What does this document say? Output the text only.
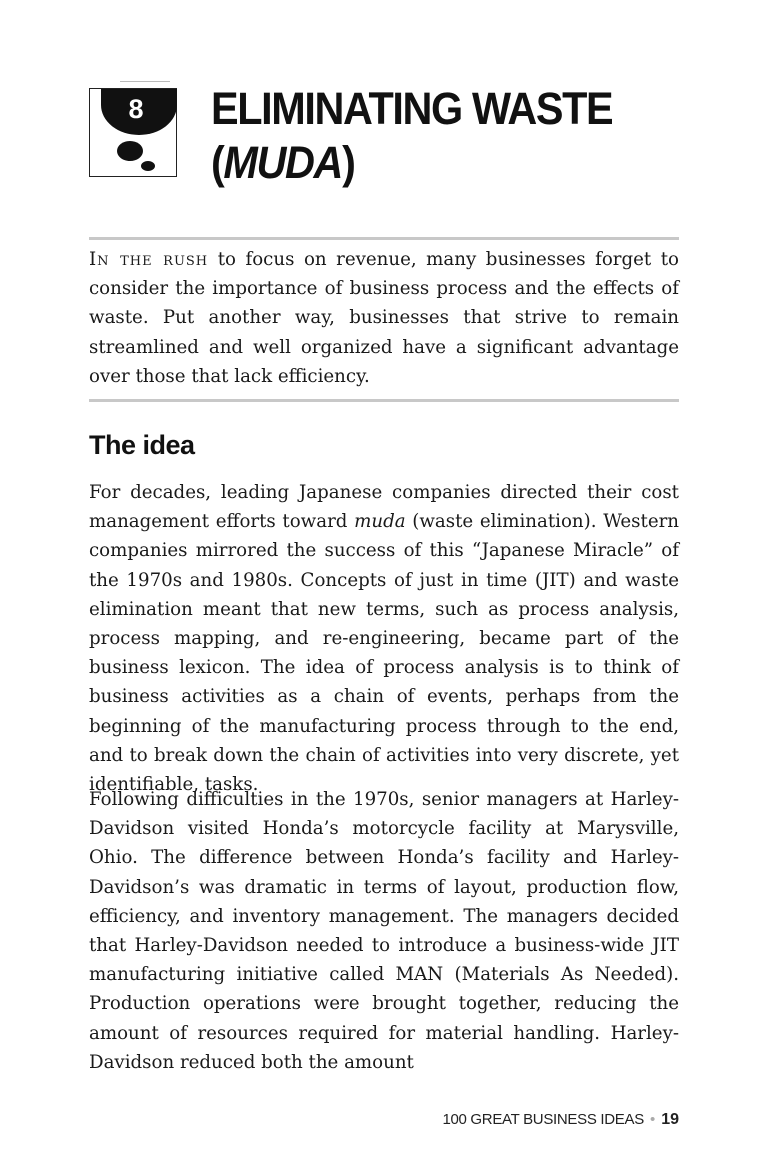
8	ELIMINATING WASTE
(MUDA)

In the rush to focus on revenue, many businesses forget to consider the importance of business process and the effects of waste. Put another way, businesses that strive to remain streamlined and well organized have a significant advantage over those that lack efficiency.

The idea

For decades, leading Japanese companies directed their cost management efforts toward muda (waste elimination). Western companies mirrored the success of this “Japanese Miracle” of the 1970s and 1980s. Concepts of just in time (JIT) and waste elimination meant that new terms, such as process analysis, process mapping, and re-engineering, became part of the business lexicon. The idea of process analysis is to think of business activities as a chain of events, perhaps from the beginning of the manufacturing process through to the end, and to break down the chain of activities into very discrete, yet identifiable, tasks.

Following difficulties in the 1970s, senior managers at Harley-Davidson visited Honda’s motorcycle facility at Marysville, Ohio. The difference between Honda’s facility and Harley-Davidson’s was dramatic in terms of layout, production flow, efficiency, and inventory management. The managers decided that Harley-Davidson needed to introduce a business-wide JIT manufacturing initiative called MAN (Materials As Needed). Production operations were brought together, reducing the amount of resources required for material handling. Harley-Davidson reduced both the amount

100 GREAT BUSINESS IDEAS • 19
